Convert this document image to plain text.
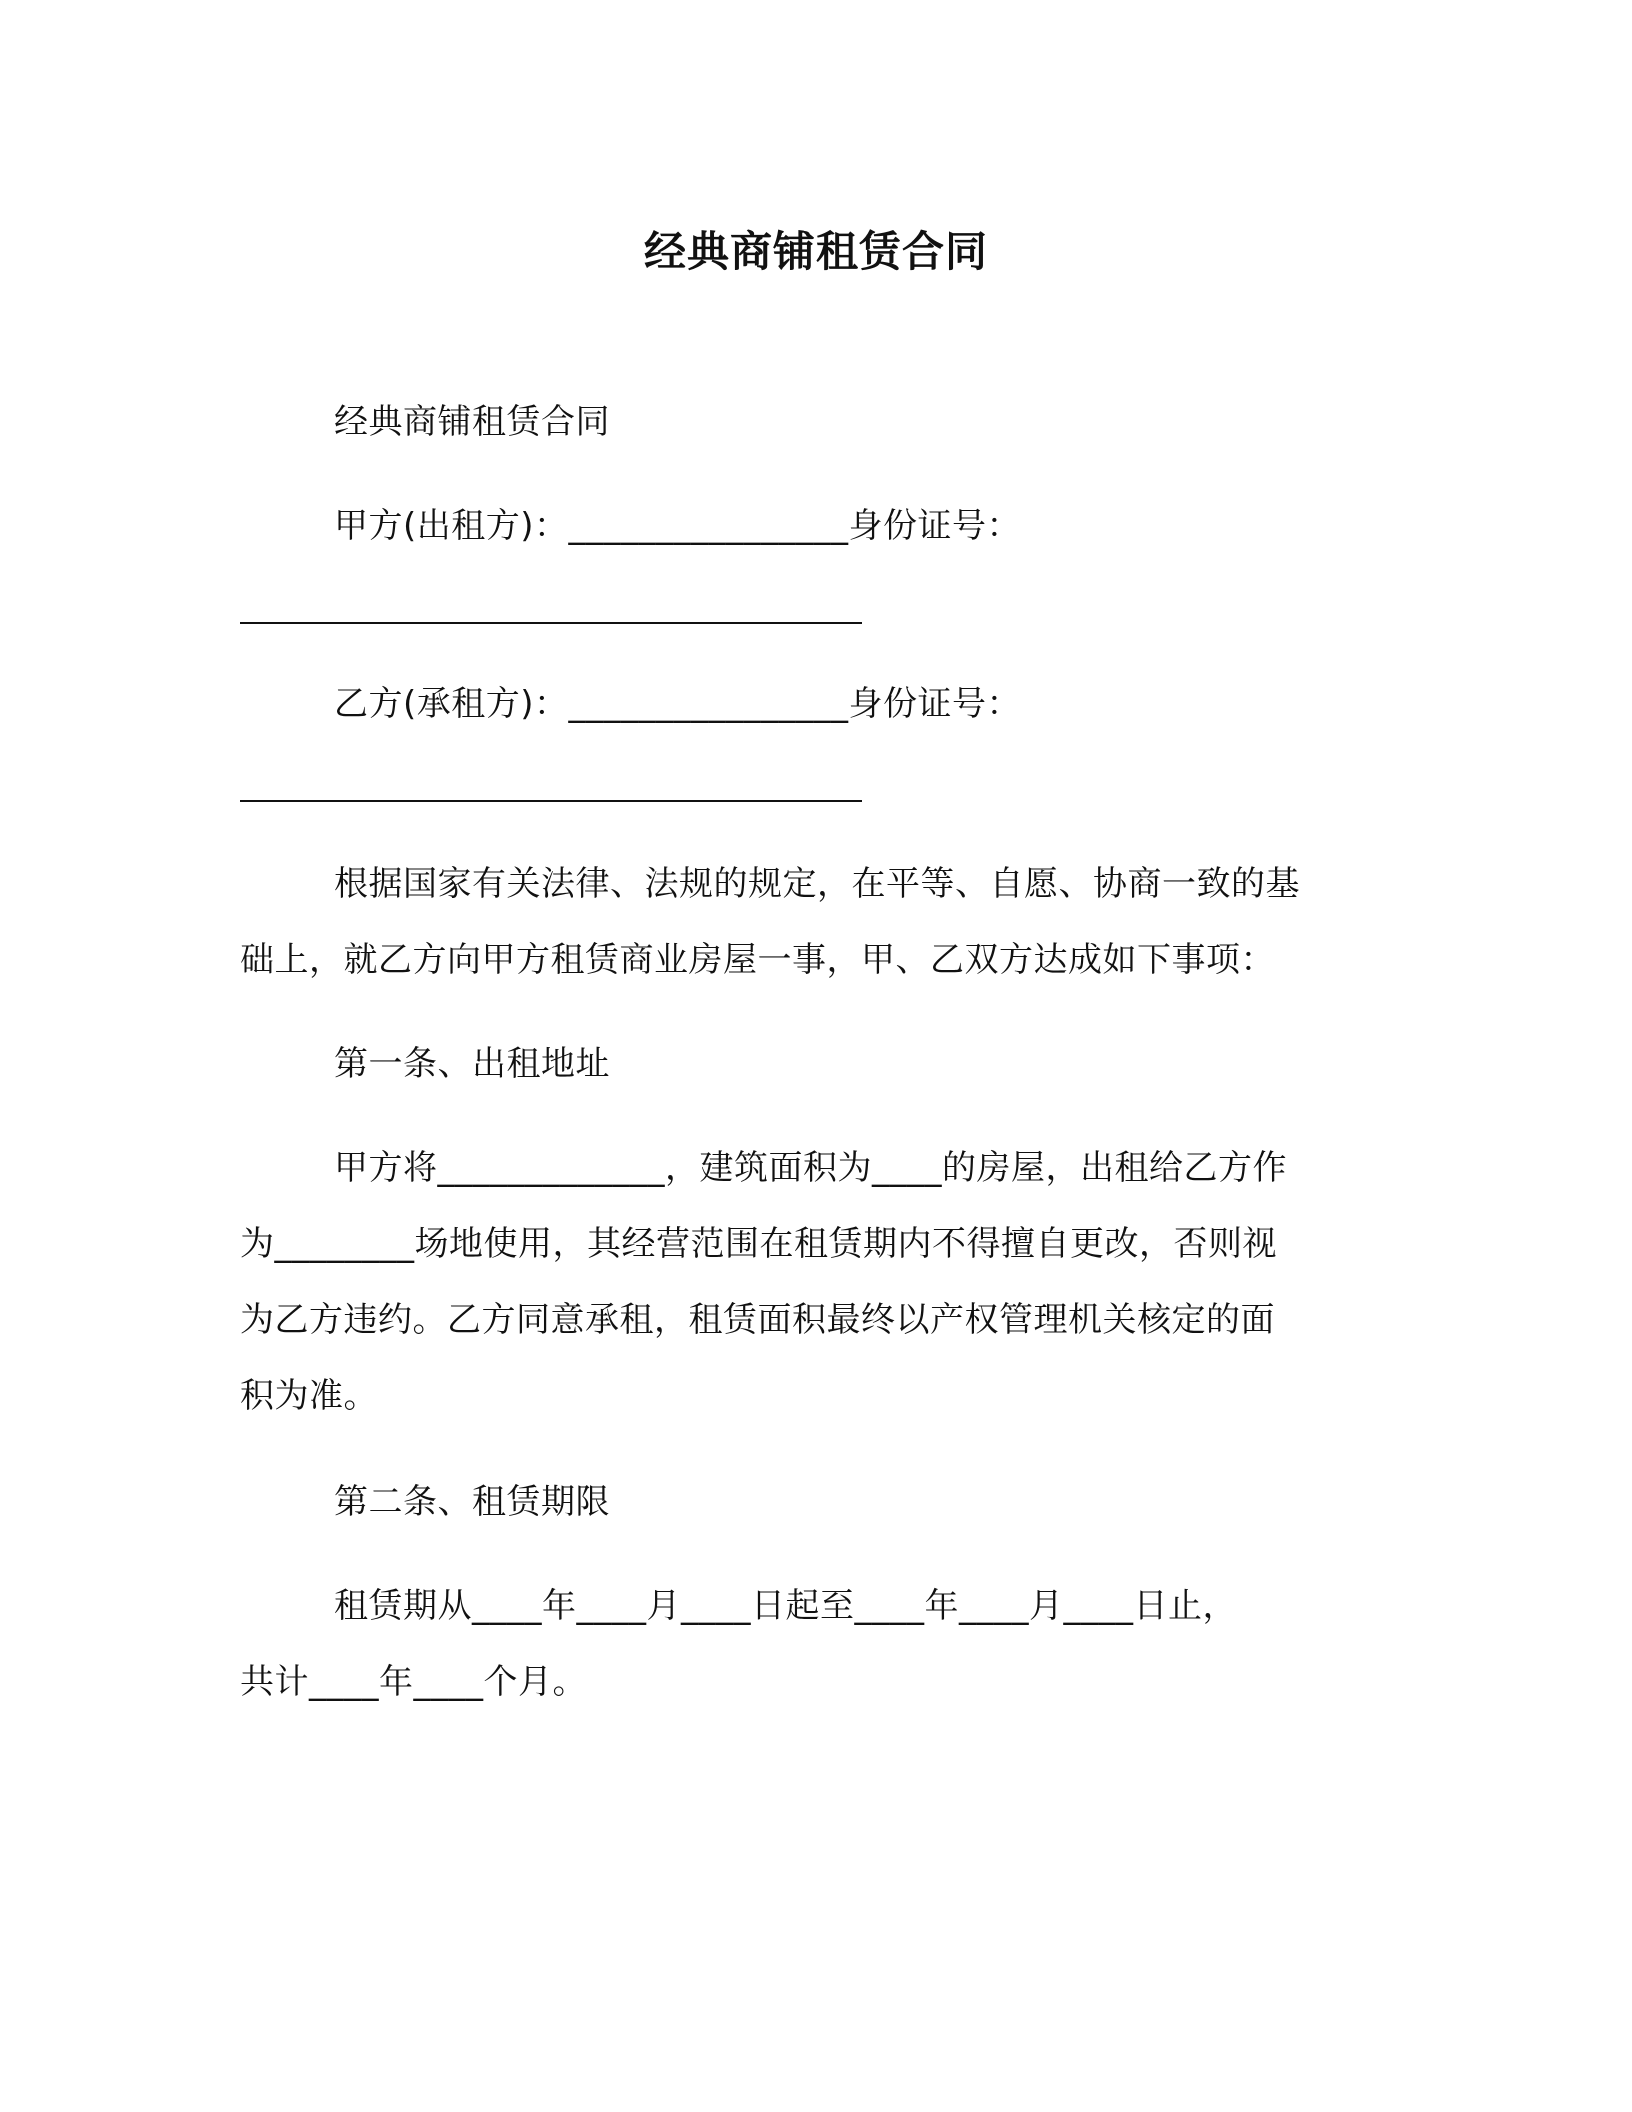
经典商铺租赁合同
经典商铺租赁合同
甲方(出租方)：________________身份证号：
乙方(承租方)：________________身份证号：
根据国家有关法律、法规的规定，在平等、自愿、协商一致的基
础上，就乙方向甲方租赁商业房屋一事，甲、乙双方达成如下事项：
第一条、出租地址
甲方将_____________，建筑面积为____的房屋，出租给乙方作
为________场地使用，其经营范围在租赁期内不得擅自更改，否则视
为乙方违约。乙方同意承租，租赁面积最终以产权管理机关核定的面
积为准。
第二条、租赁期限
租赁期从____年____月____日起至____年____月____日止，
共计____年____个月。
